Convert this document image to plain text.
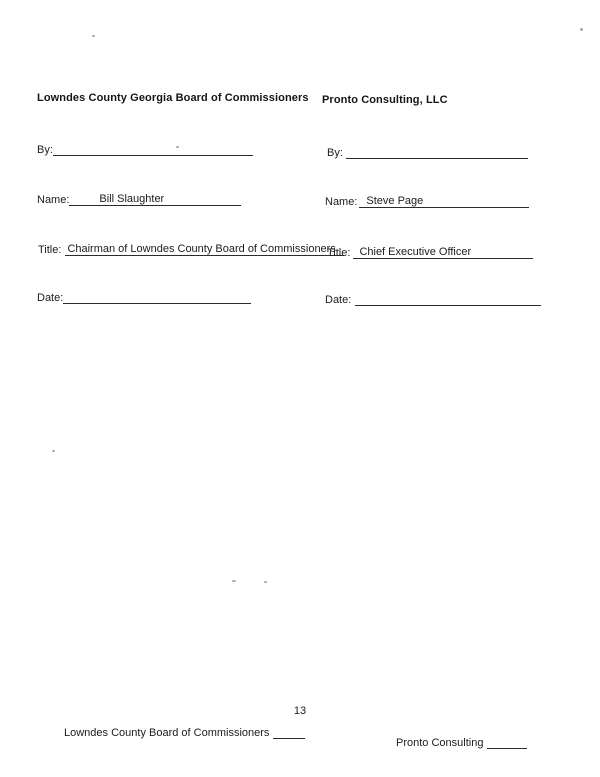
Lowndes County Georgia Board of Commissioners
By:
Name:	Bill Slaughter
Title: Chairman of Lowndes County Board of Commissioners
Date:
Pronto Consulting, LLC
By:
Name: Steve Page
Title: Chief Executive Officer
Date:
13
Lowndes County Board of Commissioners
Pronto Consulting
